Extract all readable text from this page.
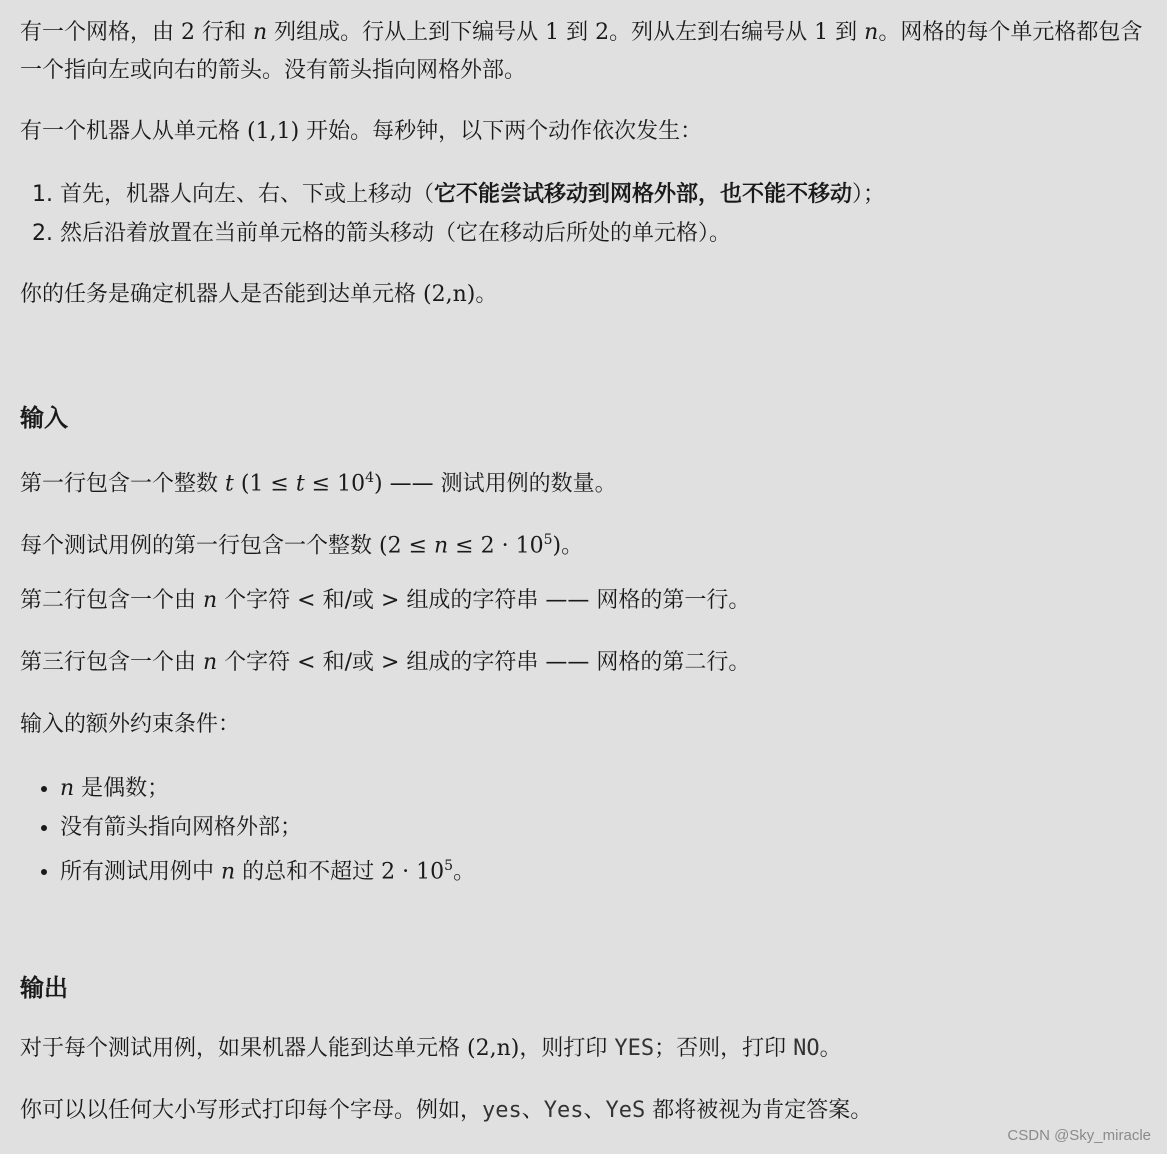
有一个网格，由 2 行和 n 列组成。行从上到下编号从 1 到 2。列从左到右编号从 1 到 n。网格的每个单元格都包含一个指向左或向右的箭头。没有箭头指向网格外部。

有一个机器人从单元格 (1,1) 开始。每秒钟，以下两个动作依次发生：

1. 首先，机器人向左、右、下或上移动（它不能尝试移动到网格外部，也不能不移动）；
2. 然后沿着放置在当前单元格的箭头移动（它在移动后所处的单元格）。

你的任务是确定机器人是否能到达单元格 (2,n)。

输入

第一行包含一个整数 t $(1 \le t \le 10^4)$ —— 测试用例的数量。

每个测试用例的第一行包含一个整数 $(2 \le n \le 2 \cdot 10^5)$。

第二行包含一个由 n 个字符 < 和/或 > 组成的字符串 —— 网格的第一行。

第三行包含一个由 n 个字符 < 和/或 > 组成的字符串 —— 网格的第二行。

输入的额外约束条件：

• n 是偶数；
• 没有箭头指向网格外部；
• 所有测试用例中 n 的总和不超过 $2 \cdot 10^5$。
输出

对于每个测试用例，如果机器人能到达单元格 (2,n)，则打印 YES；否则，打印 NO。

你可以以任何大小写形式打印每个字母。例如，yes、Yes、YeS 都将被视为肯定答案。

CSDN @Sky_miracle
